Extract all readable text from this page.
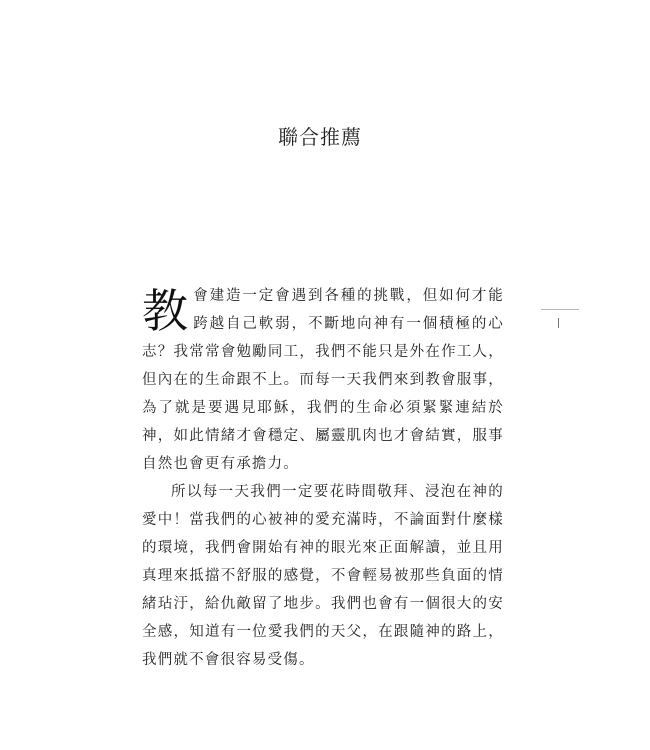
聯合推薦

教會建造一定會遇到各種的挑戰，但如何才能跨越自己軟弱，不斷地向神有一個積極的心志？我常常會勉勵同工，我們不能只是外在作工人，但內在的生命跟不上。而每一天我們來到教會服事，為了就是要遇見耶穌，我們的生命必須緊緊連結於神，如此情緒才會穩定、屬靈肌肉也才會結實，服事自然也會更有承擔力。

所以每一天我們一定要花時間敬拜、浸泡在神的愛中！當我們的心被神的愛充滿時，不論面對什麼樣的環境，我們會開始有神的眼光來正面解讀，並且用真理來抵擋不舒服的感覺，不會輕易被那些負面的情緒玷汙，給仇敵留了地步。我們也會有一個很大的安全感，知道有一位愛我們的天父，在跟隨神的路上，我們就不會很容易受傷。
